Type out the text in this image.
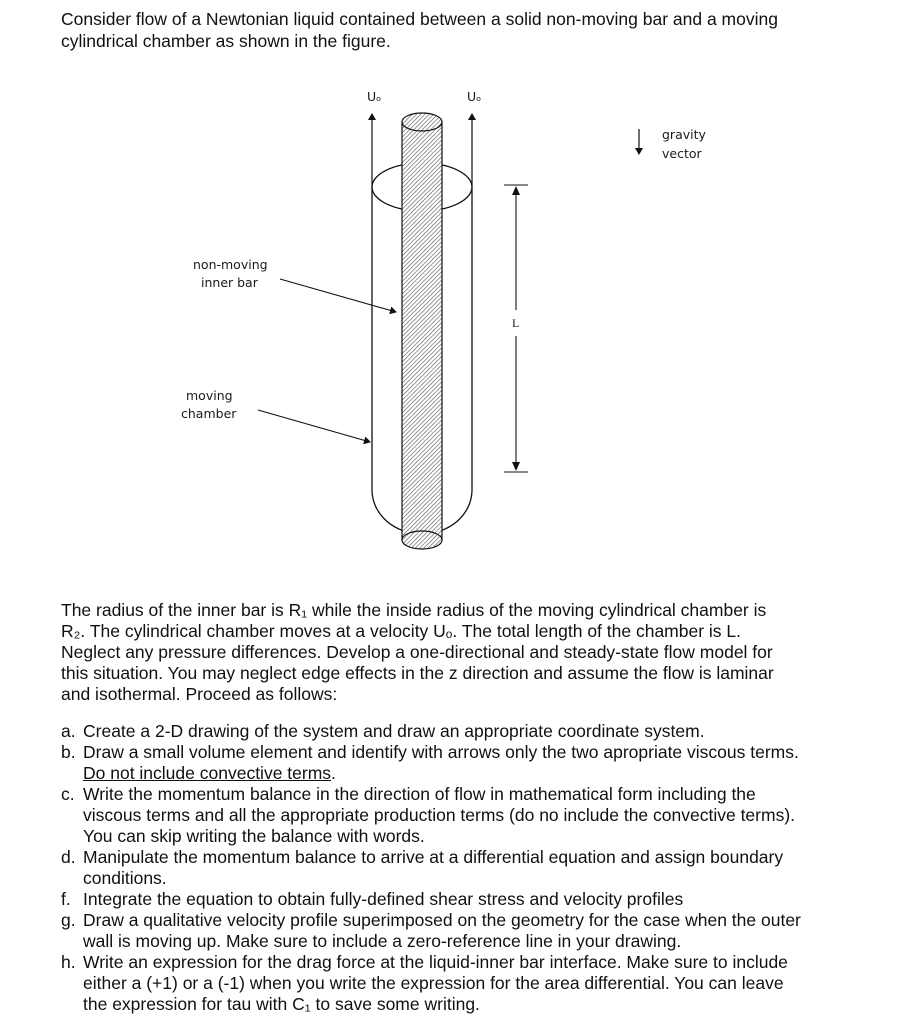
Consider flow of a Newtonian liquid contained between a solid non-moving bar and a moving cylindrical chamber as shown in the figure.
Uₒ	Uₒ
gravity
vector
L
non-moving
inner bar
moving
chamber
The radius of the inner bar is R₁ while the inside radius of the moving cylindrical chamber is R₂. The cylindrical chamber moves at a velocity Uₒ. The total length of the chamber is L. Neglect any pressure differences. Develop a one-directional and steady-state flow model for this situation. You may neglect edge effects in the z direction and assume the flow is laminar and isothermal. Proceed as follows:
a. Create a 2-D drawing of the system and draw an appropriate coordinate system.
b. Draw a small volume element and identify with arrows only the two apropriate viscous terms. Do not include convective terms.
c. Write the momentum balance in the direction of flow in mathematical form including the viscous terms and all the appropriate production terms (do no include the convective terms). You can skip writing the balance with words.
d. Manipulate the momentum balance to arrive at a differential equation and assign boundary conditions.
f. Integrate the equation to obtain fully-defined shear stress and velocity profiles
g. Draw a qualitative velocity profile superimposed on the geometry for the case when the outer wall is moving up. Make sure to include a zero-reference line in your drawing.
h. Write an expression for the drag force at the liquid-inner bar interface. Make sure to include either a (+1) or a (-1) when you write the expression for the area differential. You can leave the expression for tau with C₁ to save some writing.
